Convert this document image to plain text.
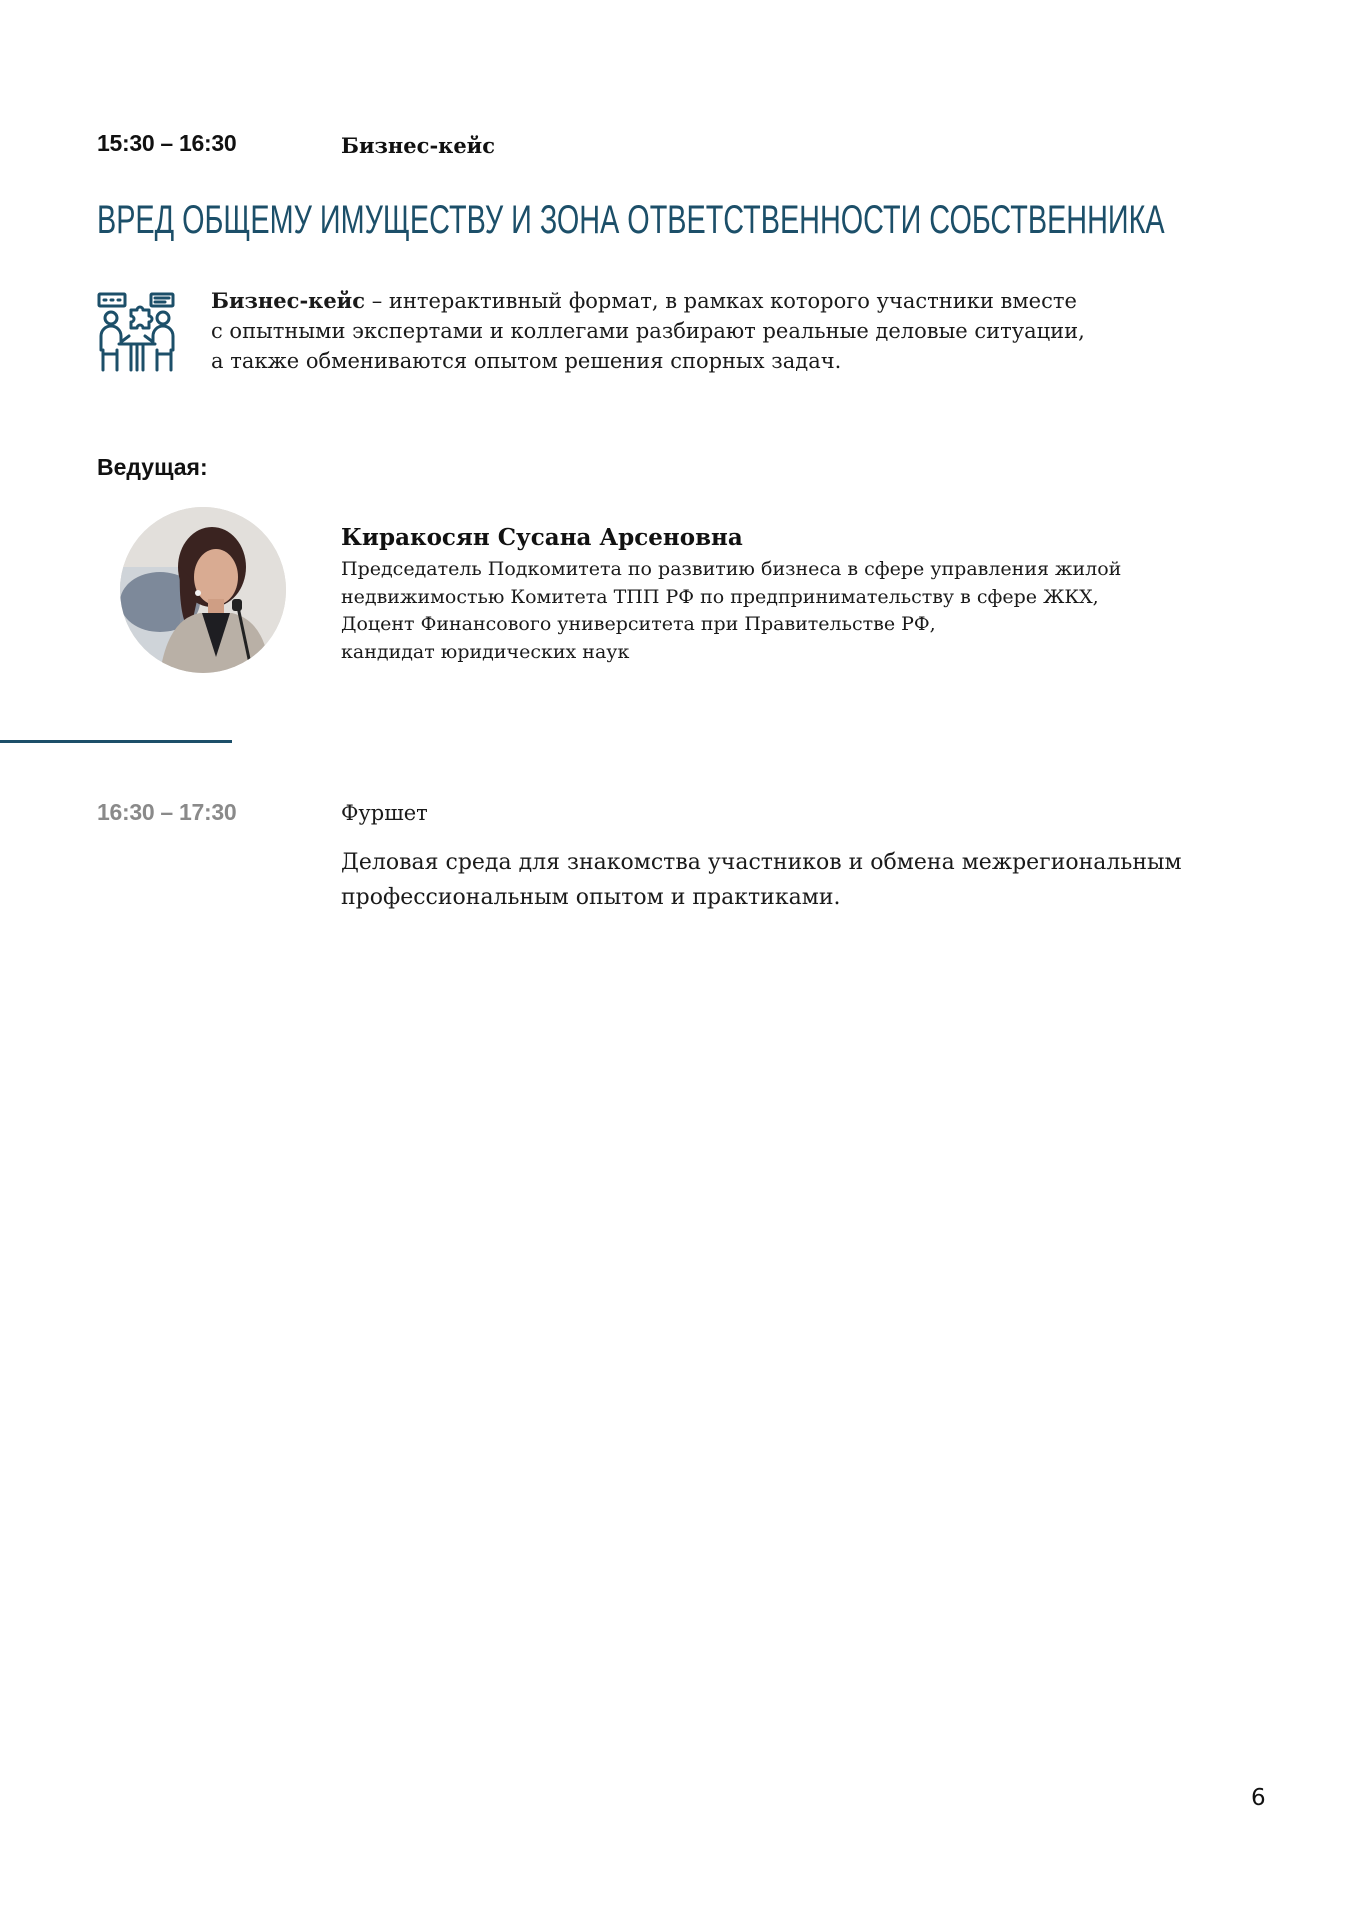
15:30 – 16:30	Бизнес-кейс
ВРЕД ОБЩЕМУ ИМУЩЕСТВУ И ЗОНА ОТВЕТСТВЕННОСТИ СОБСТВЕННИКА
Бизнес-кейс – интерактивный формат, в рамках которого участники вместе
с опытными экспертами и коллегами разбирают реальные деловые ситуации,
а также обмениваются опытом решения спорных задач.
Ведущая:
Киракосян Сусана Арсеновна
Председатель Подкомитета по развитию бизнеса в сфере управления жилой
недвижимостью Комитета ТПП РФ по предпринимательству в сфере ЖКХ,
Доцент Финансового университета при Правительстве РФ,
кандидат юридических наук
16:30 – 17:30	Фуршет
Деловая среда для знакомства участников и обмена межрегиональным
профессиональным опытом и практиками.
6
